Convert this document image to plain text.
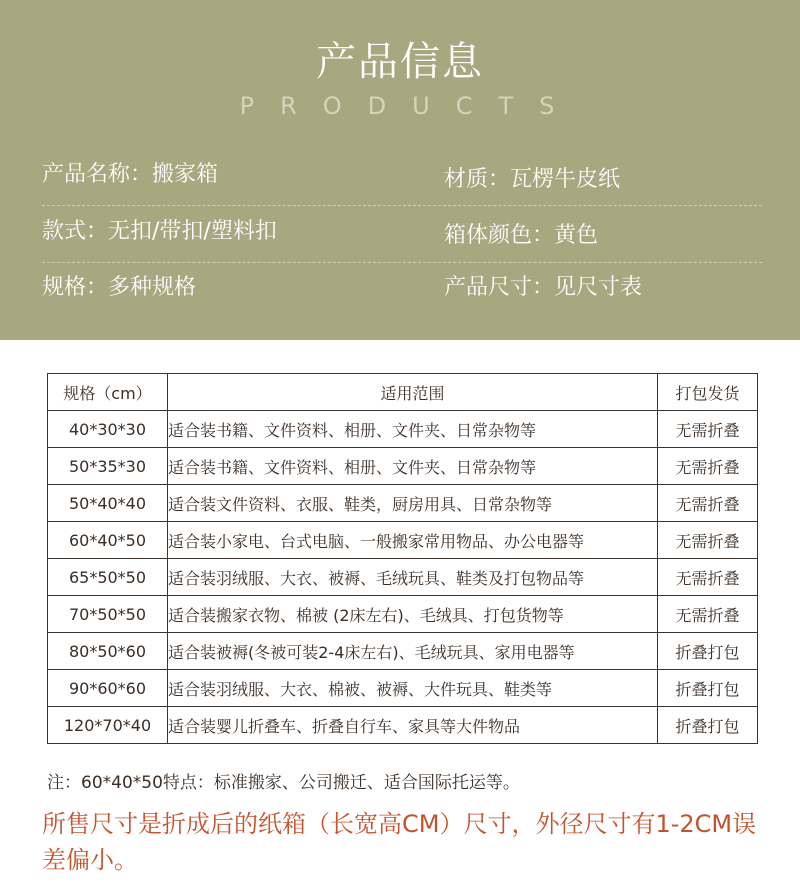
产品信息
PRODUCTS
产品名称：搬家箱	材质：瓦楞牛皮纸
款式：无扣/带扣/塑料扣	箱体颜色：黄色
规格：多种规格	产品尺寸：见尺寸表
规格（cm）	适用范围	打包发货
40*30*30	适合装书籍、文件资料、相册、文件夹、日常杂物等	无需折叠
50*35*30	适合装书籍、文件资料、相册、文件夹、日常杂物等	无需折叠
50*40*40	适合装文件资料、衣服、鞋类，厨房用具、日常杂物等	无需折叠
60*40*50	适合装小家电、台式电脑、一般搬家常用物品、办公电器等	无需折叠
65*50*50	适合装羽绒服、大衣、被褥、毛绒玩具、鞋类及打包物品等	无需折叠
70*50*50	适合装搬家衣物、棉被 (2床左右)、毛绒具、打包货物等	无需折叠
80*50*60	适合装被褥(冬被可装2-4床左右)、毛绒玩具、家用电器等	折叠打包
90*60*60	适合装羽绒服、大衣、棉被、被褥、大件玩具、鞋类等	折叠打包
120*70*40	适合装婴儿折叠车、折叠自行车、家具等大件物品	折叠打包
注：60*40*50特点：标准搬家、公司搬迁、适合国际托运等。
所售尺寸是折成后的纸箱（长宽高CM）尺寸，外径尺寸有1-2CM误差偏小。
